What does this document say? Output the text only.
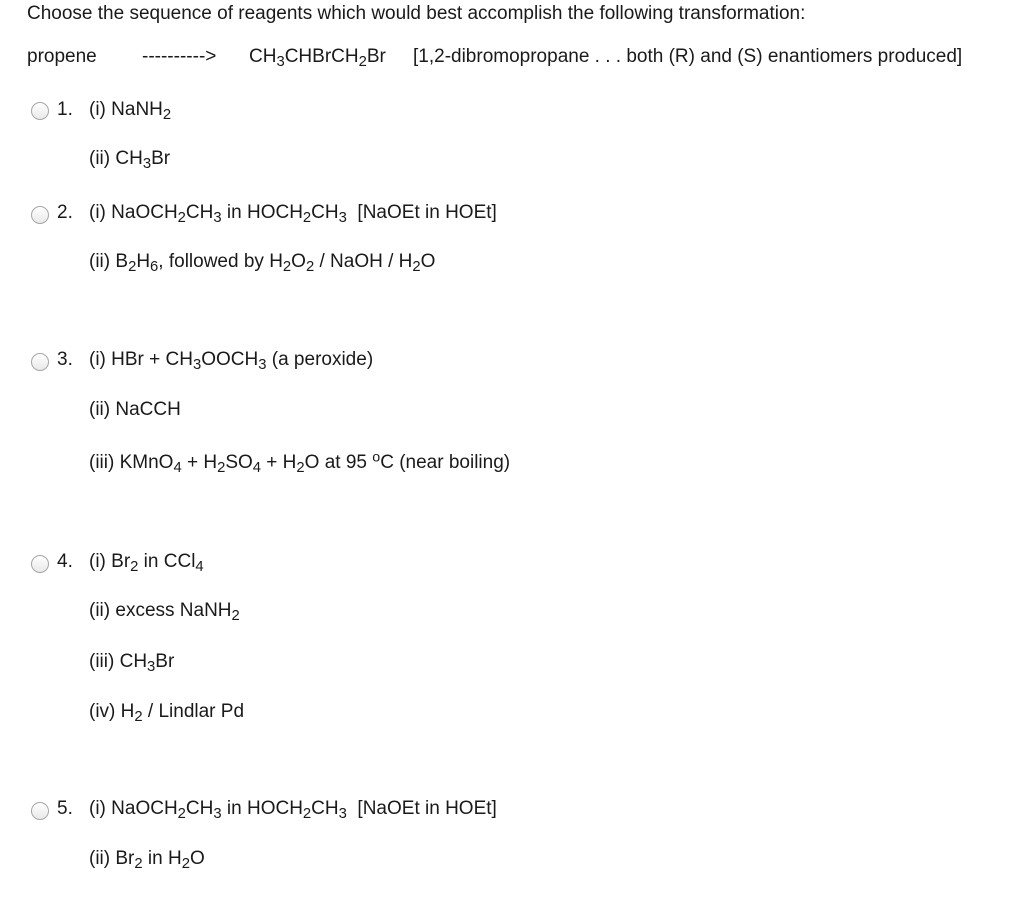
Choose the sequence of reagents which would best accomplish the following transformation:
propene ----------> $CH_3CHBrCH_2Br$ [1,2-dibromopropane . . . both (R) and (S) enantiomers produced]
1. (i) NaNH$_2$
(ii) $CH_3Br$
2. (i) $NaOCH_2CH_3$ in $HOCH_2CH_3$  [NaOEt in HOEt]
(ii) $B_2H_6$, followed by $H_2O_2$ / NaOH / $H_2O$
3. (i) HBr + $CH_3OOCH_3$ (a peroxide)
(ii) NaCCH
(iii) KMnO$_4$ + $H_2SO_4 + H_2O$ at 95 $^o$C (near boiling)
4. (i) $Br_2$ in CCl$_4$
(ii) excess NaNH$_2$
(iii) $CH_3Br$
(iv) $H_2$ / Lindlar Pd
5. (i) $NaOCH_2CH_3$ in $HOCH_2CH_3$  [NaOEt in HOEt]
(ii) $Br_2$ in $H_2O$
